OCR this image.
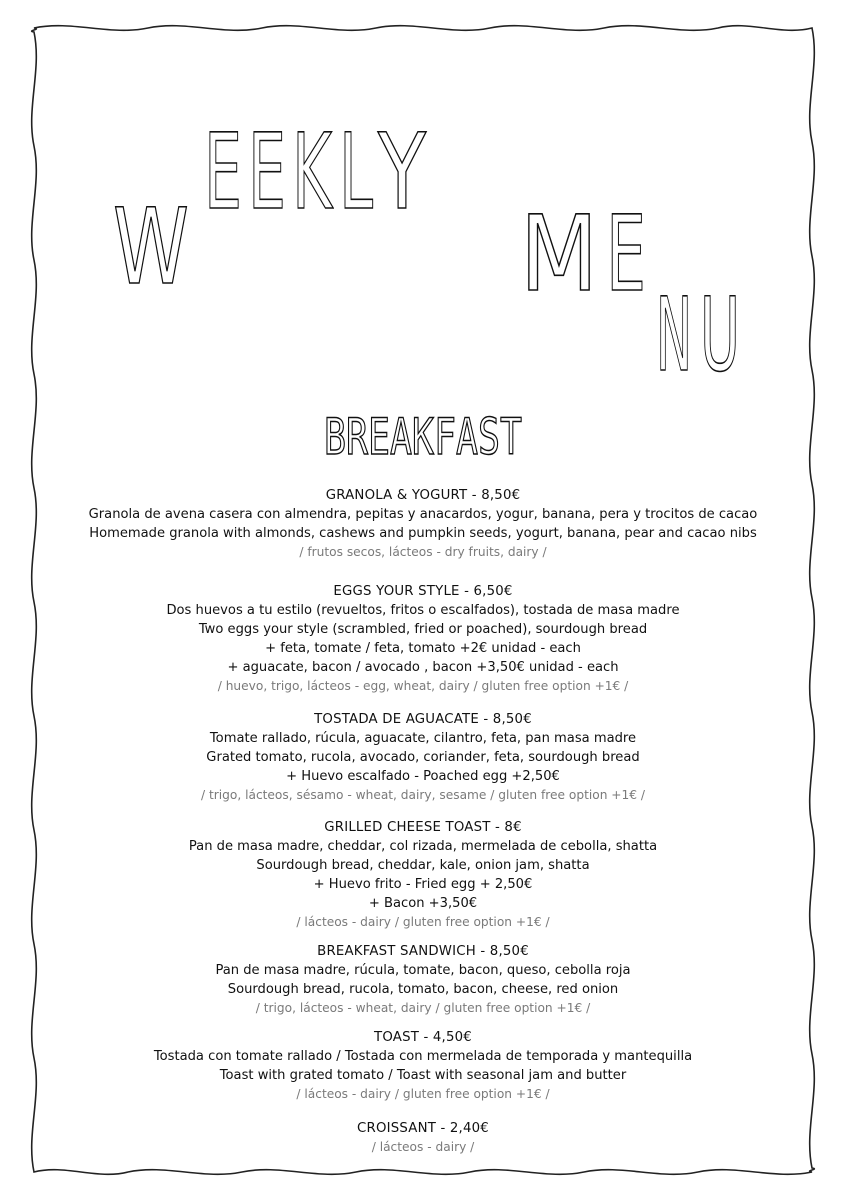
W
E E K L Y
M E
N U
BREAKFAST
GRANOLA & YOGURT - 8,50€
Granola de avena casera con almendra, pepitas y anacardos, yogur, banana, pera y trocitos de cacao
Homemade granola with almonds, cashews and pumpkin seeds, yogurt, banana, pear and cacao nibs
/ frutos secos, lácteos - dry fruits, dairy /
EGGS YOUR STYLE - 6,50€
Dos huevos a tu estilo (revueltos, fritos o escalfados), tostada de masa madre
Two eggs your style (scrambled, fried or poached), sourdough bread
+ feta, tomate / feta, tomato +2€ unidad - each
+ aguacate, bacon / avocado , bacon +3,50€ unidad - each
/ huevo, trigo, lácteos - egg, wheat, dairy / gluten free option +1€ /
TOSTADA DE AGUACATE - 8,50€
Tomate rallado, rúcula, aguacate, cilantro, feta, pan masa madre
Grated tomato, rucola, avocado, coriander, feta, sourdough bread
+ Huevo escalfado - Poached egg +2,50€
/ trigo, lácteos, sésamo - wheat, dairy, sesame / gluten free option +1€ /
GRILLED CHEESE TOAST - 8€
Pan de masa madre, cheddar, col rizada, mermelada de cebolla, shatta
Sourdough bread, cheddar, kale, onion jam, shatta
+ Huevo frito - Fried egg + 2,50€
+ Bacon +3,50€
/ lácteos - dairy / gluten free option +1€ /
BREAKFAST SANDWICH - 8,50€
Pan de masa madre, rúcula, tomate, bacon, queso, cebolla roja
Sourdough bread, rucola, tomato, bacon, cheese, red onion
/ trigo, lácteos - wheat, dairy / gluten free option +1€ /
TOAST - 4,50€
Tostada con tomate rallado / Tostada con mermelada de temporada y mantequilla
Toast with grated tomato / Toast with seasonal jam and butter
/ lácteos - dairy / gluten free option +1€ /
CROISSANT - 2,40€
/ lácteos - dairy /
